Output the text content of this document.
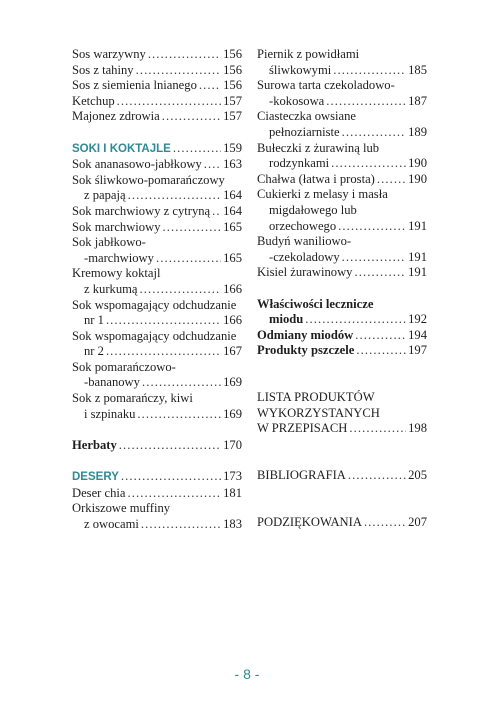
Sos warzywny .....	156
Sos z tahiny .....	156
Sos z siemienia lnianego ..... 156
Ketchup .....	157
Majonez zdrowia .....	157
SOKI I KOKTAJLE .....	159
Sok ananasowo-jabłkowy ..... 163
Sok śliwkowo-pomarańczowy
z papają .....	164
Sok marchwiowy z cytryną ..... 164
Sok marchwiowy .....	165
Sok jabłkowo-
-marchwiowy .....	165
Kremowy koktajl
z kurkumą .....	166
Sok wspomagający odchudzanie
nr 1 .....	166
Sok wspomagający odchudzanie
nr 2 .....	167
Sok pomarańczowo-
-bananowy .....	169
Sok z pomarańczy, kiwi
i szpinaku .....	169
Herbaty .....	170
DESERY .....	173
Deser chia .....	181
Orkiszowe muffiny
z owocami .....	183
Piernik z powidłami
śliwkowymi .....	185
Surowa tarta czekoladowo-
-kokosowa .....	187
Ciasteczka owsiane
pełnoziarniste .....	189
Bułeczki z żurawiną lub
rodzynkami .....	190
Chałwa (łatwa i prosta) .....	190
Cukierki z melasy i masła
migdałowego lub
orzechowego .....	191
Budyń waniliowo-
-czekoladowy .....	191
Kisiel żurawinowy .....	191
Właściwości lecznicze
miodu .....	192
Odmiany miodów .....	194
Produkty pszczele .....	197
LISTA PRODUKTÓW
WYKORZYSTANYCH
W PRZEPISACH .....	198
BIBLIOGRAFIA .....	205
PODZIĘKOWANIA .....	207
- 8 -
